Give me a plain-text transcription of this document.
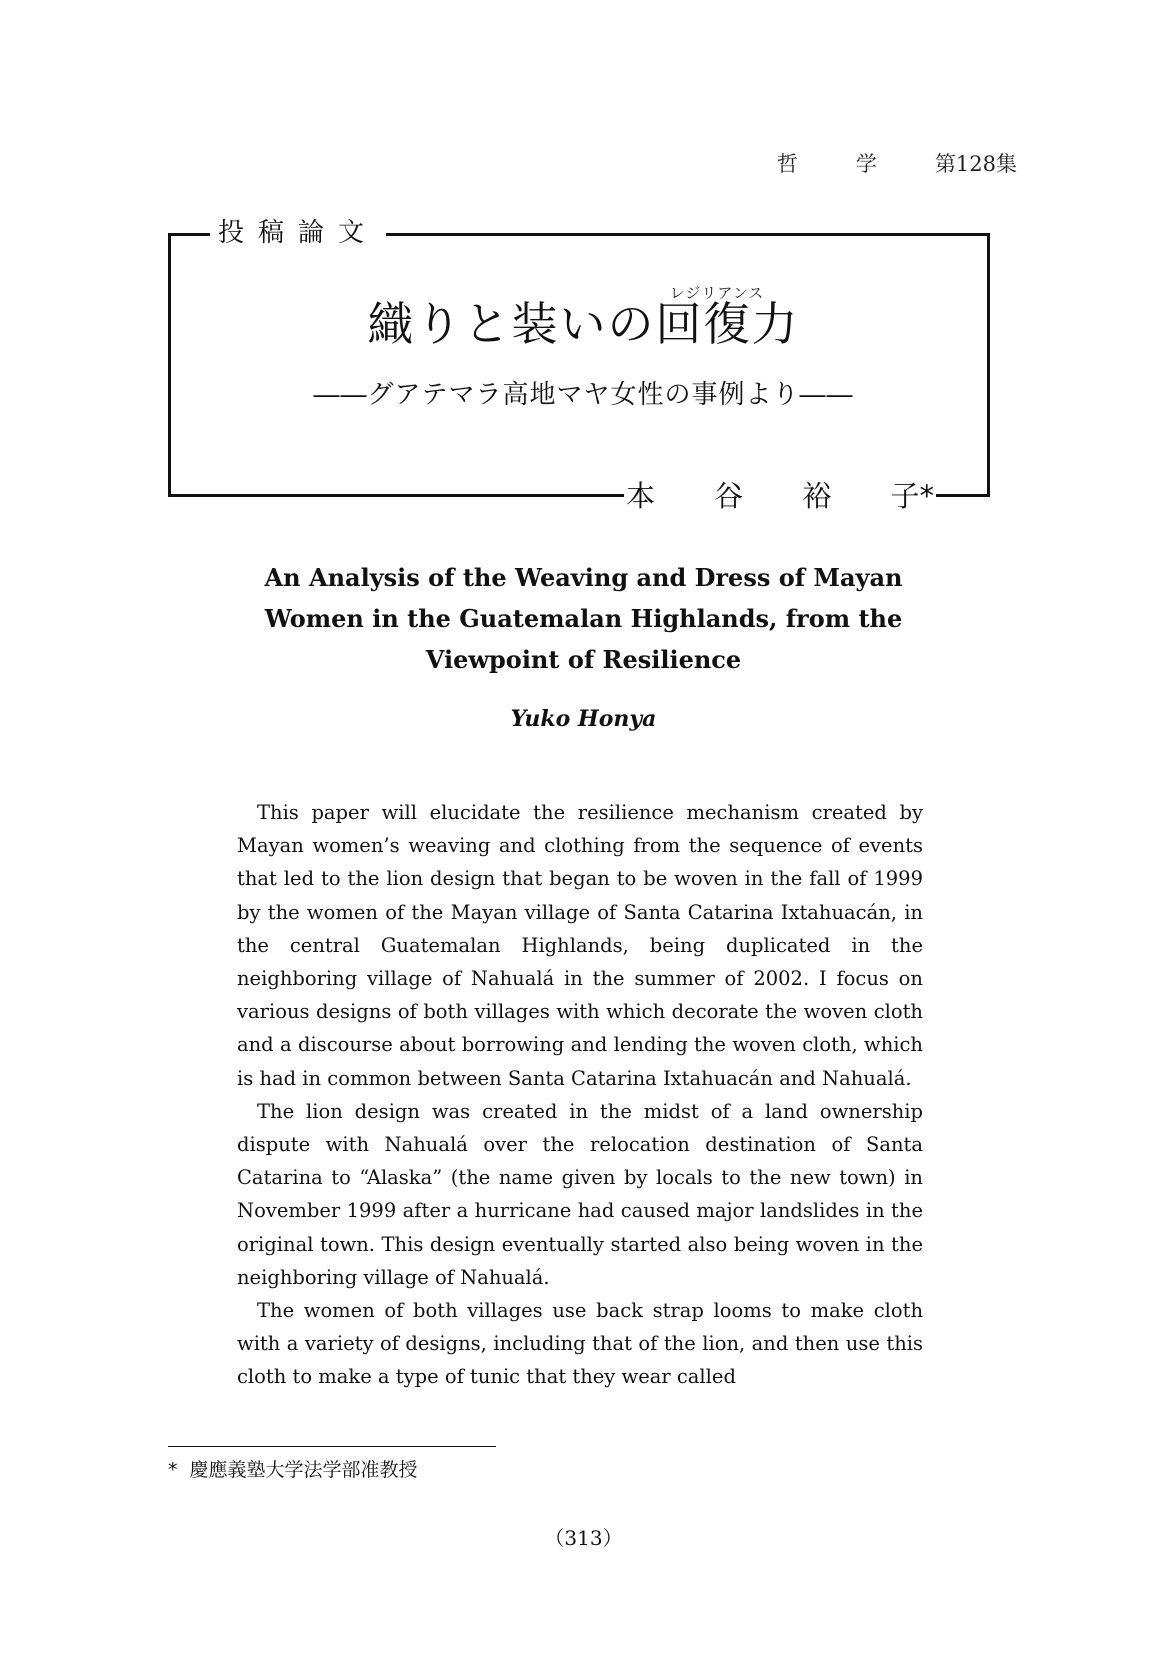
哲学第128集
投稿論文
レジリアンス
織りと装いの回復力
――グアテマラ高地マヤ女性の事例より――
本 谷 裕 子*
An Analysis of the Weaving and Dress of Mayan
Women in the Guatemalan Highlands, from the
Viewpoint of Resilience
Yuko Honya

This paper will elucidate the resilience mechanism created by Mayan women’s weaving and clothing from the sequence of events that led to the lion design that began to be woven in the fall of 1999 by the women of the Mayan village of Santa Catarina Ixtahuacán, in the central Guatemalan Highlands, being duplicated in the neighboring village of Nahualá in the summer of 2002. I focus on various designs of both villages with which decorate the woven cloth and a discourse about borrowing and lending the woven cloth, which is had in common between Santa Catarina Ixtahuacán and Nahualá.

The lion design was created in the midst of a land ownership dispute with Nahualá over the relocation destination of Santa Catarina to “Alaska” (the name given by locals to the new town) in November 1999 after a hurricane had caused major landslides in the original town. This design eventually started also being woven in the neighboring village of Nahualá.

The women of both villages use back strap looms to make cloth with a variety of designs, including that of the lion, and then use this cloth to make a type of tunic that they wear called

* 慶應義塾大学法学部准教授
（313）
